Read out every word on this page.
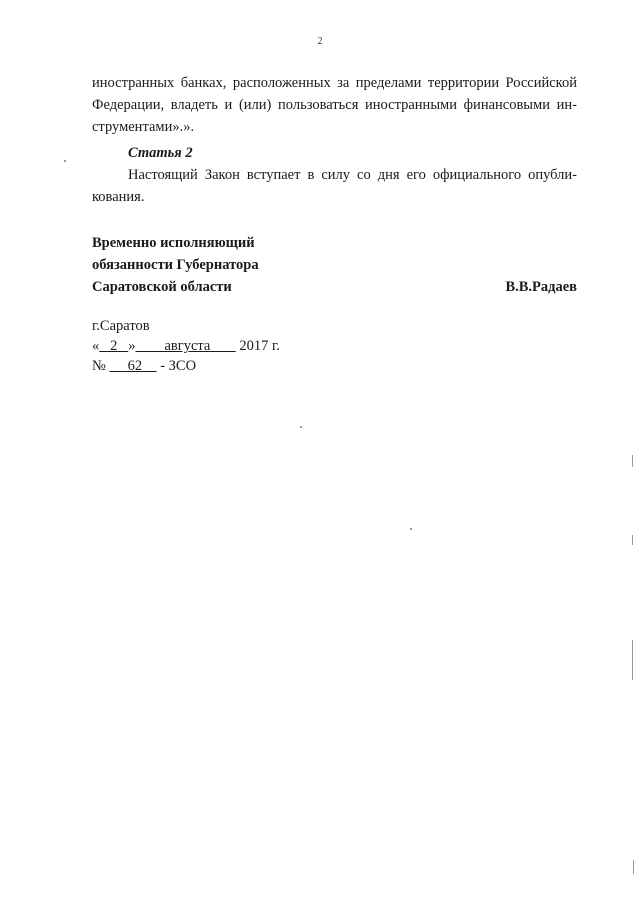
2
иностранных банках, расположенных за пределами территории Российской
Федерации, владеть и (или) пользоваться иностранными финансовыми ин-
струментами».».
Статья 2
Настоящий Закон вступает в силу со дня его официального опубли-
кования.
Временно исполняющий
обязанности Губернатора
Саратовской области	В.В.Радаев
г.Саратов
« 2 » августа 2017 г.
№ 62 - ЗСО
